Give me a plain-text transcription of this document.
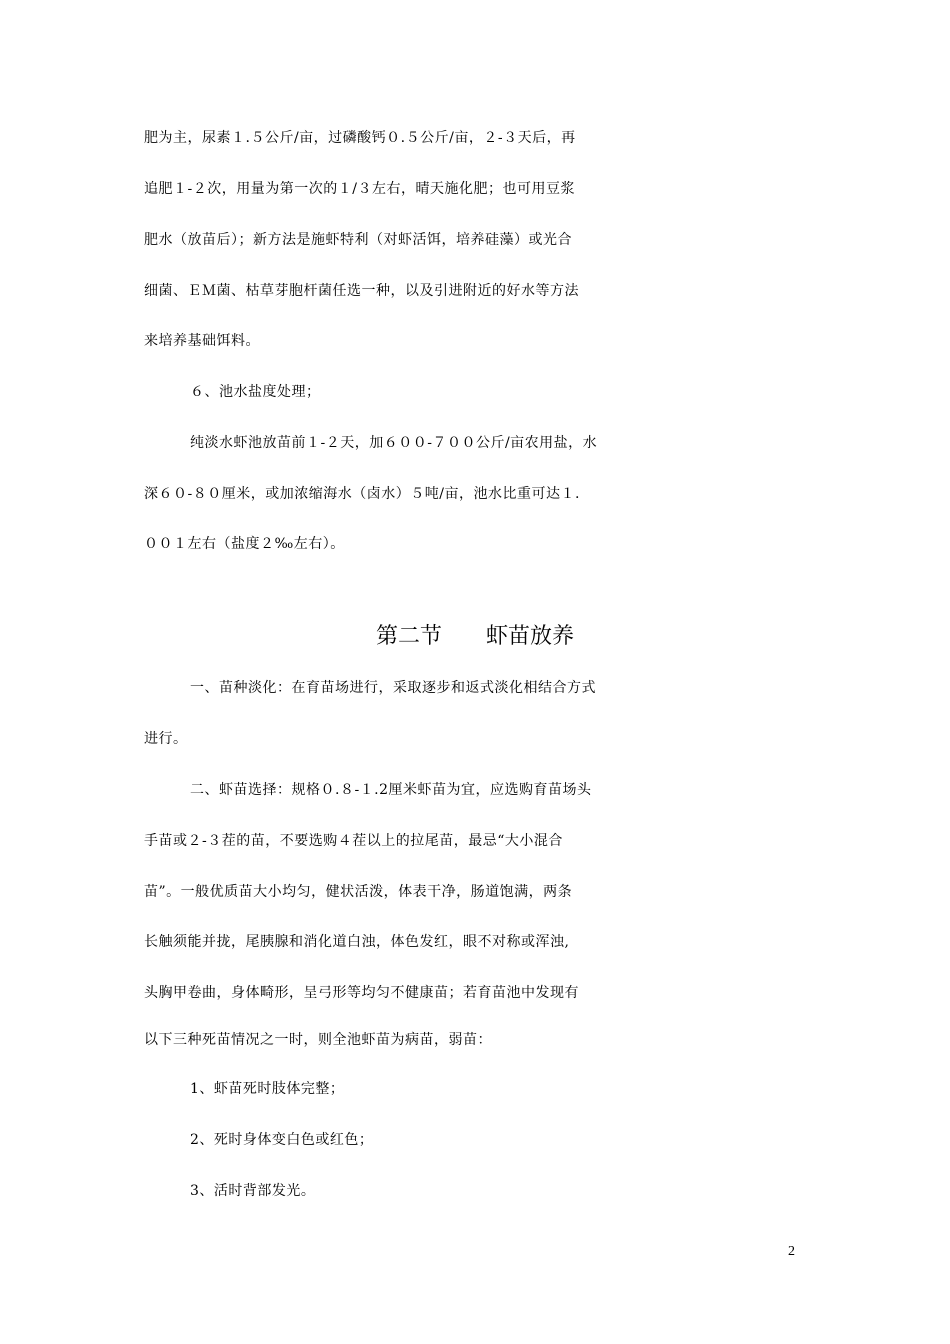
肥为主，尿素１.５公斤/亩，过磷酸钙０.５公斤/亩，２-３天后，再
追肥１-２次，用量为第一次的１/３左右，晴天施化肥；也可用豆浆
肥水（放苗后）；新方法是施虾特利（对虾活饵，培养硅藻）或光合
细菌、ＥＭ菌、枯草芽胞杆菌任选一种，以及引进附近的好水等方法
来培养基础饵料。
６、池水盐度处理；
纯淡水虾池放苗前１-２天，加６００-７００公斤/亩农用盐，水
深６０-８０厘米，或加浓缩海水（卤水）５吨/亩，池水比重可达１.
００１左右（盐度２‰左右）。
第二节　　虾苗放养
一、苗种淡化：在育苗场进行，采取逐步和返式淡化相结合方式
进行。
二、虾苗选择：规格０.８-１.2厘米虾苗为宜，应选购育苗场头
手苗或２-３茬的苗，不要选购４茬以上的拉尾苗，最忌“大小混合
苗”。一般优质苗大小均匀，健状活泼，体表干净，肠道饱满，两条
长触须能并拢，尾胰腺和消化道白浊，体色发红，眼不对称或浑浊,
头胸甲卷曲，身体畸形，呈弓形等均匀不健康苗；若育苗池中发现有
以下三种死苗情况之一时，则全池虾苗为病苗，弱苗：
1、虾苗死时肢体完整；
2、死时身体变白色或红色；
3、活时背部发光。
2
